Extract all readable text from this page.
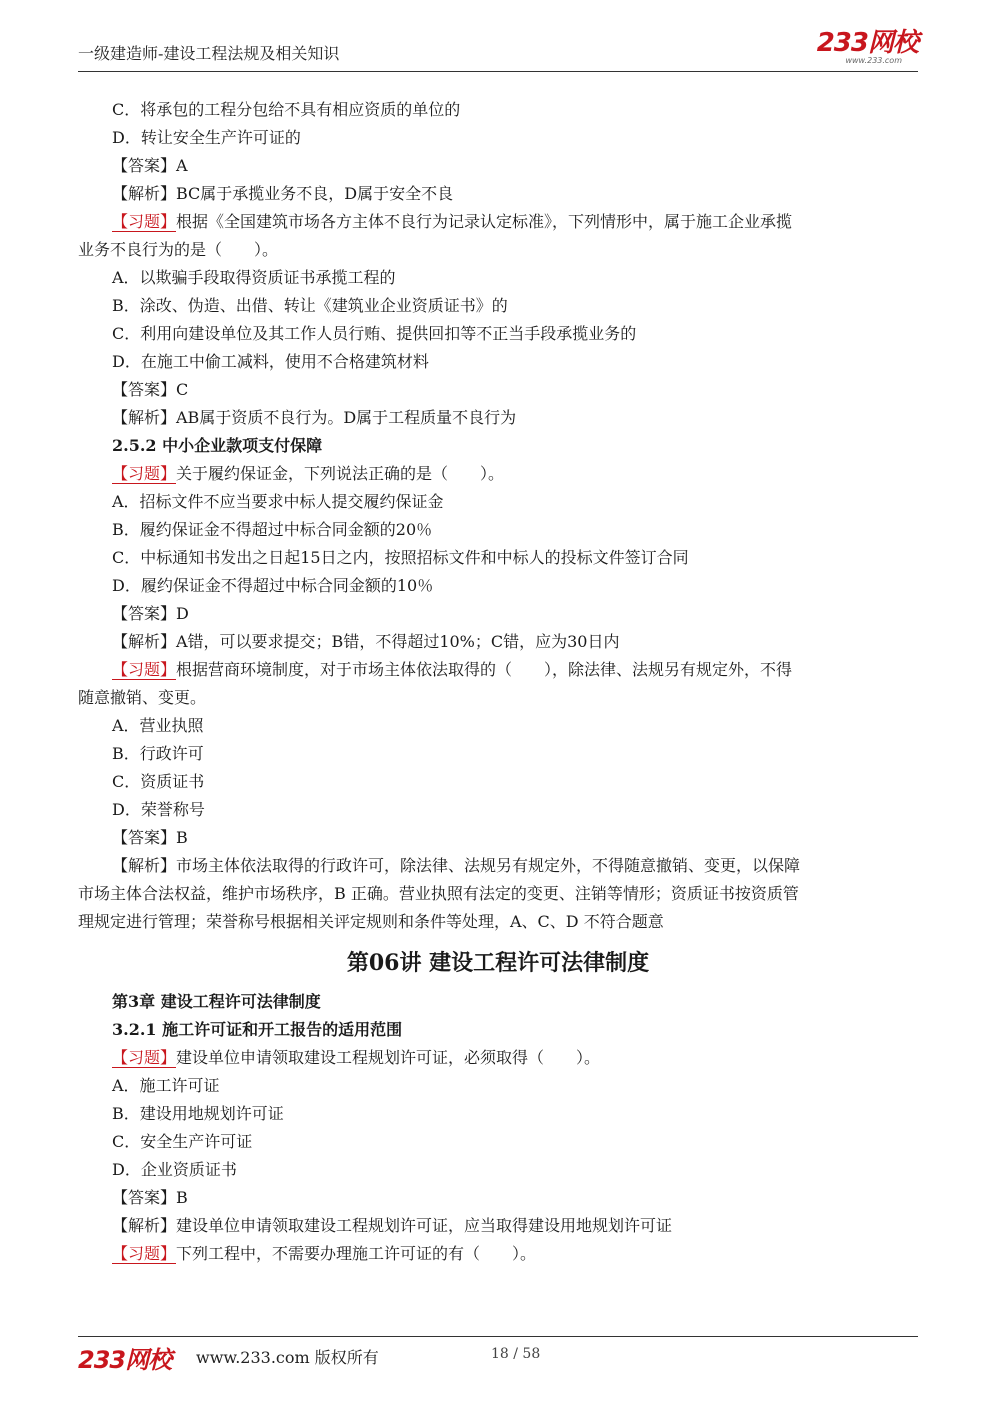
一级建造师-建设工程法规及相关知识	233网校
www.233.com
C．将承包的工程分包给不具有相应资质的单位的
D．转让安全生产许可证的
【答案】A
【解析】BC属于承揽业务不良，D属于安全不良
【习题】根据《全国建筑市场各方主体不良行为记录认定标准》，下列情形中，属于施工企业承揽
业务不良行为的是（　　）。
A．以欺骗手段取得资质证书承揽工程的
B．涂改、伪造、出借、转让《建筑业企业资质证书》的
C．利用向建设单位及其工作人员行贿、提供回扣等不正当手段承揽业务的
D．在施工中偷工减料，使用不合格建筑材料
【答案】C
【解析】AB属于资质不良行为。D属于工程质量不良行为
2.5.2 中小企业款项支付保障
【习题】关于履约保证金，下列说法正确的是（　　）。
A．招标文件不应当要求中标人提交履约保证金
B．履约保证金不得超过中标合同金额的20％
C．中标通知书发出之日起15日之内，按照招标文件和中标人的投标文件签订合同
D．履约保证金不得超过中标合同金额的10％
【答案】D
【解析】A错，可以要求提交；B错，不得超过10%；C错，应为30日内
【习题】根据营商环境制度，对于市场主体依法取得的（　　），除法律、法规另有规定外，不得
随意撤销、变更。
A．营业执照
B．行政许可
C．资质证书
D．荣誉称号
【答案】B
【解析】市场主体依法取得的行政许可，除法律、法规另有规定外，不得随意撤销、变更，以保障
市场主体合法权益，维护市场秩序，B 正确。营业执照有法定的变更、注销等情形；资质证书按资质管
理规定进行管理；荣誉称号根据相关评定规则和条件等处理，A、C、D 不符合题意
第06讲 建设工程许可法律制度
第3章 建设工程许可法律制度
3.2.1 施工许可证和开工报告的适用范围
【习题】建设单位申请领取建设工程规划许可证，必须取得（　　）。
A．施工许可证
B．建设用地规划许可证
C．安全生产许可证
D．企业资质证书
【答案】B
【解析】建设单位申请领取建设工程规划许可证，应当取得建设用地规划许可证
【习题】下列工程中，不需要办理施工许可证的有（　　）。
233网校 www.233.com 版权所有	18 / 58
